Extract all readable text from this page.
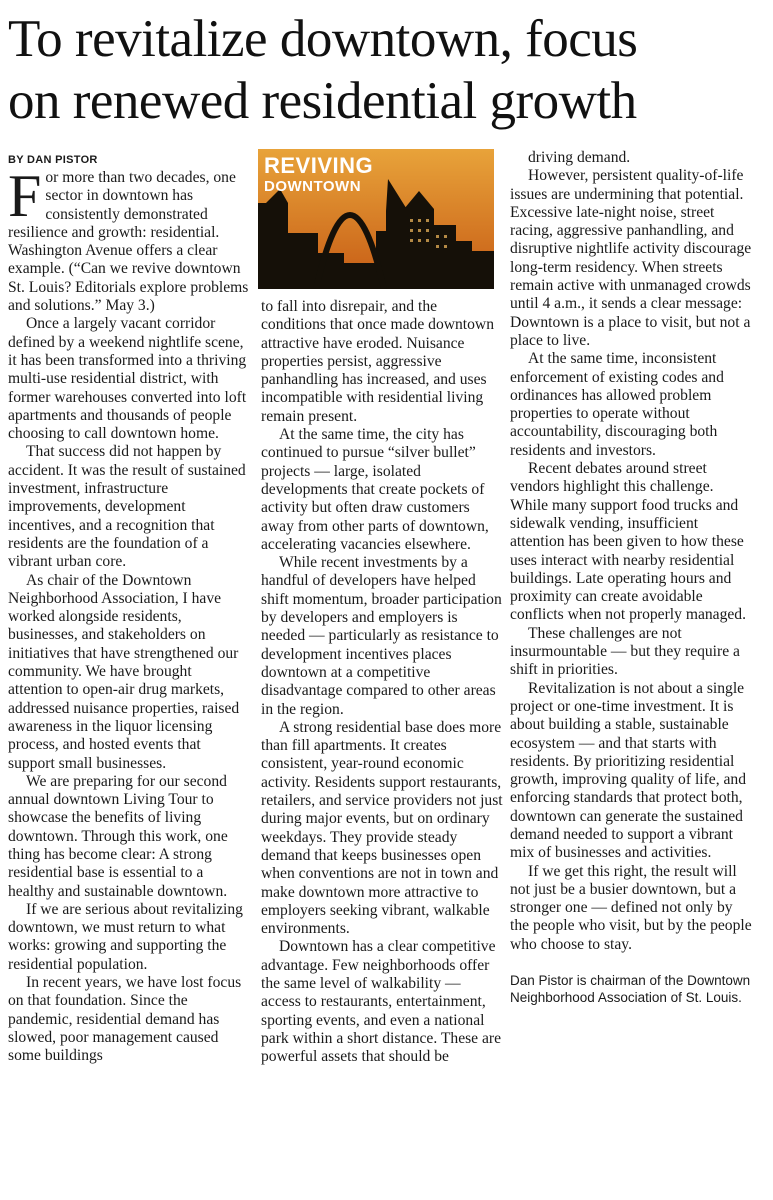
To revitalize downtown, focus
on renewed residential growth
BY DAN PISTOR	REVIVING
DOWNTOWN

For more than two decades, one sector in downtown has consistently demonstrated resilience and growth: residential. Washington Avenue offers a clear example. (“Can we revive downtown St. Louis? Editorials explore problems and solutions.” May 3.)

Once a largely vacant corridor defined by a weekend nightlife scene, it has been transformed into a thriving multi-use residential district, with former warehouses converted into loft apartments and thousands of people choosing to call downtown home.

That success did not happen by accident. It was the result of sustained investment, infrastructure improvements, development incentives, and a recognition that residents are the foundation of a vibrant urban core.

As chair of the Downtown Neighborhood Association, I have worked alongside residents, businesses, and stakeholders on initiatives that have strengthened our community. We have brought attention to open-air drug markets, addressed nuisance properties, raised awareness in the liquor licensing process, and hosted events that support small businesses.

We are preparing for our second annual downtown Living Tour to showcase the benefits of living downtown. Through this work, one thing has become clear: A strong residential base is essential to a healthy and sustainable downtown.

If we are serious about revitalizing downtown, we must return to what works: growing and supporting the residential population.

In recent years, we have lost focus on that foundation. Since the pandemic, residential demand has slowed, poor management caused some buildings

to fall into disrepair, and the conditions that once made downtown attractive have eroded. Nuisance properties persist, aggressive panhandling has increased, and uses incompatible with residential living remain present.

At the same time, the city has continued to pursue “silver bullet” projects — large, isolated developments that create pockets of activity but often draw customers away from other parts of downtown, accelerating vacancies elsewhere.

While recent investments by a handful of developers have helped shift momentum, broader participation by developers and employers is needed — particularly as resistance to development incentives places downtown at a competitive disadvantage compared to other areas in the region.

A strong residential base does more than fill apartments. It creates consistent, year-round economic activity. Residents support restaurants, retailers, and service providers not just during major events, but on ordinary weekdays. They provide steady demand that keeps businesses open when conventions are not in town and make downtown more attractive to employers seeking vibrant, walkable environments.

Downtown has a clear competitive advantage. Few neighborhoods offer the same level of walkability — access to restaurants, entertainment, sporting events, and even a national park within a short distance. These are powerful assets that should be

driving demand.

However, persistent quality-of-life issues are undermining that potential. Excessive late-night noise, street racing, aggressive panhandling, and disruptive nightlife activity discourage long-term residency. When streets remain active with unmanaged crowds until 4 a.m., it sends a clear message: Downtown is a place to visit, but not a place to live.

At the same time, inconsistent enforcement of existing codes and ordinances has allowed problem properties to operate without accountability, discouraging both residents and investors.

Recent debates around street vendors highlight this challenge. While many support food trucks and sidewalk vending, insufficient attention has been given to how these uses interact with nearby residential buildings. Late operating hours and proximity can create avoidable conflicts when not properly managed.

These challenges are not insurmountable — but they require a shift in priorities.

Revitalization is not about a single project or one-time investment. It is about building a stable, sustainable ecosystem — and that starts with residents. By prioritizing residential growth, improving quality of life, and enforcing standards that protect both, downtown can generate the sustained demand needed to support a vibrant mix of businesses and activities.

If we get this right, the result will not just be a busier downtown, but a stronger one — defined not only by the people who visit, but by the people who choose to stay.

Dan Pistor is chairman of the Downtown Neighborhood Association of St. Louis.
